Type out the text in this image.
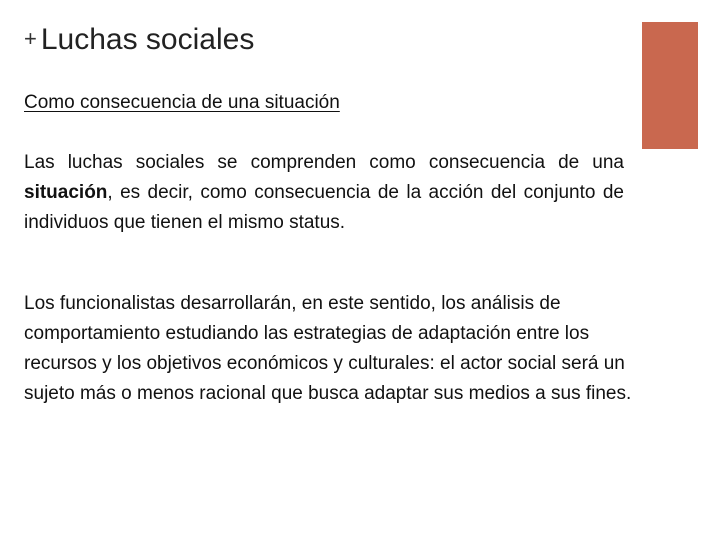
+ Luchas sociales
Como consecuencia de una situación

Las luchas sociales se comprenden como consecuencia de una situación, es decir, como consecuencia de la acción del conjunto de individuos que tienen el mismo status.

Los funcionalistas desarrollarán, en este sentido, los análisis de comportamiento estudiando las estrategias de adaptación entre los recursos y los objetivos económicos y culturales: el actor social será un sujeto más o menos racional que busca adaptar sus medios a sus fines.
